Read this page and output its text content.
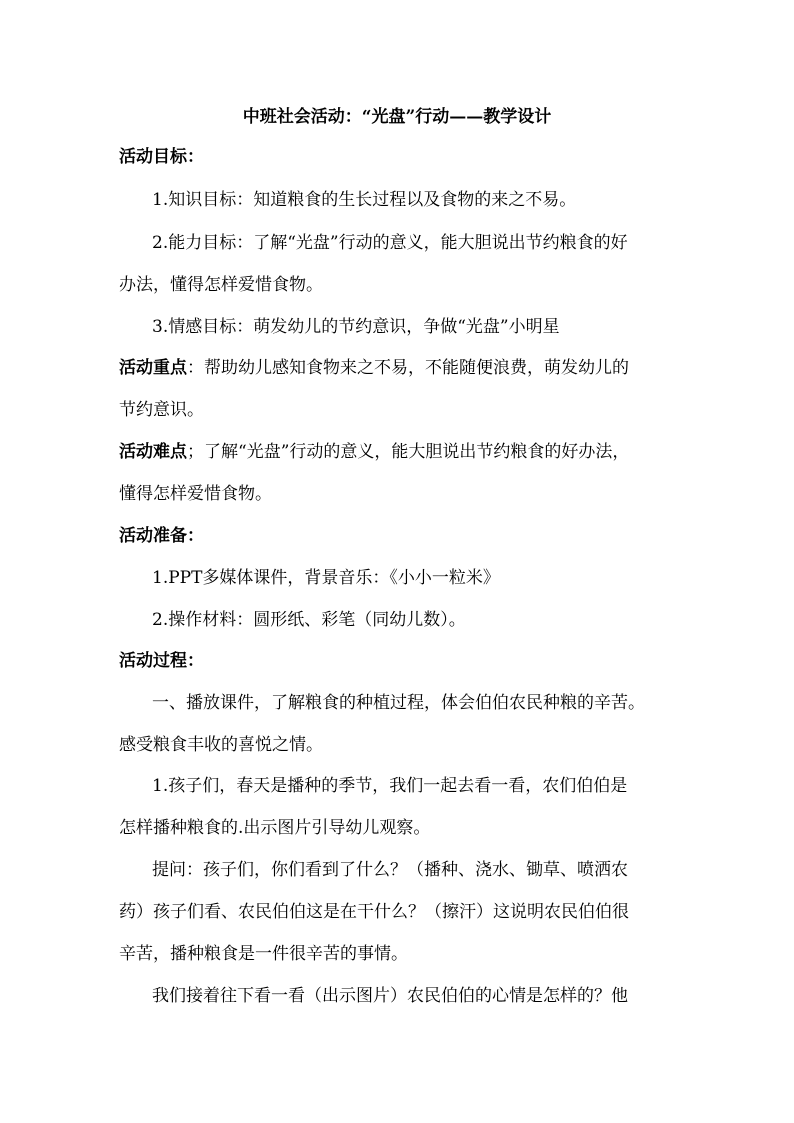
中班社会活动：“光盘”行动——教学设计
活动目标：
1.知识目标：知道粮食的生长过程以及食物的来之不易。
2.能力目标：了解“光盘”行动的意义，能大胆说出节约粮食的好
办法，懂得怎样爱惜食物。
3.情感目标：萌发幼儿的节约意识，争做“光盘”小明星
活动重点：帮助幼儿感知食物来之不易，不能随便浪费，萌发幼儿的
节约意识。
活动难点；了解“光盘”行动的意义，能大胆说出节约粮食的好办法，
懂得怎样爱惜食物。
活动准备：
1.PPT多媒体课件，背景音乐：《小小一粒米》
2.操作材料：圆形纸、彩笔（同幼儿数）。
活动过程：
一、播放课件，了解粮食的种植过程，体会伯伯农民种粮的辛苦。
感受粮食丰收的喜悦之情。
1.孩子们，春天是播种的季节，我们一起去看一看，农们伯伯是
怎样播种粮食的.出示图片引导幼儿观察。
提问：孩子们，你们看到了什么？（播种、浇水、锄草、喷洒农
药）孩子们看、农民伯伯这是在干什么？（擦汗）这说明农民伯伯很
辛苦，播种粮食是一件很辛苦的事情。
我们接着往下看一看（出示图片）农民伯伯的心情是怎样的？他
